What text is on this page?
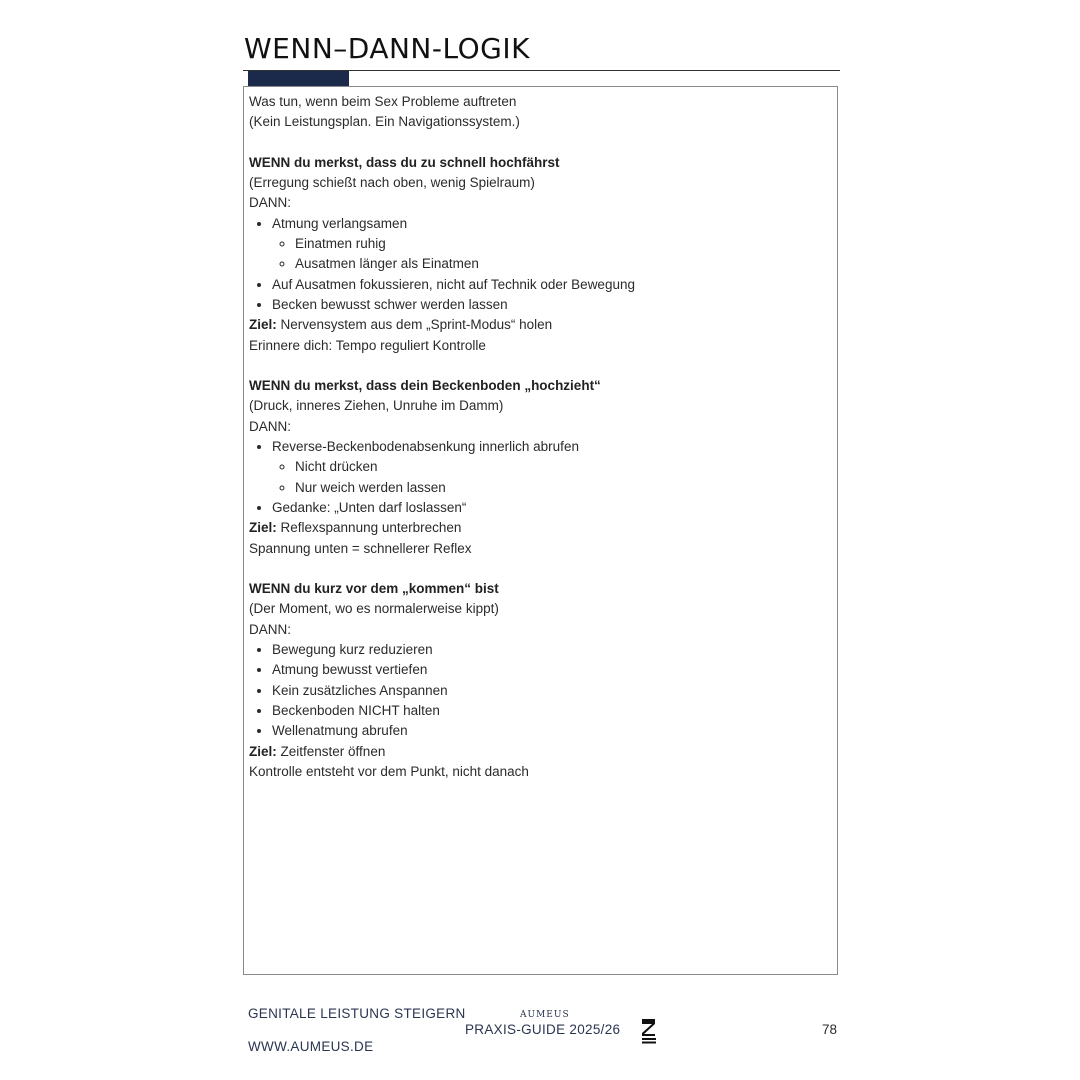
WENN–DANN-LOGIK

Was tun, wenn beim Sex Probleme auftreten

(Kein Leistungsplan. Ein Navigationssystem.)

WENN du merkst, dass du zu schnell hochfährst

(Erregung schießt nach oben, wenig Spielraum)

DANN:

• Atmung verlangsamen
◦ Einatmen ruhig
◦ Ausatmen länger als Einatmen
• Auf Ausatmen fokussieren, nicht auf Technik oder Bewegung
• Becken bewusst schwer werden lassen

Ziel: Nervensystem aus dem „Sprint-Modus“ holen

Erinnere dich: Tempo reguliert Kontrolle

WENN du merkst, dass dein Beckenboden „hochzieht“

(Druck, inneres Ziehen, Unruhe im Damm)

DANN:

• Reverse-Beckenbodenabsenkung innerlich abrufen
◦ Nicht drücken
◦ Nur weich werden lassen
• Gedanke: „Unten darf loslassen“

Ziel: Reflexspannung unterbrechen

Spannung unten = schnellerer Reflex

WENN du kurz vor dem „kommen“ bist

(Der Moment, wo es normalerweise kippt)

DANN:

• Bewegung kurz reduzieren
• Atmung bewusst vertiefen
• Kein zusätzliches Anspannen
• Beckenboden NICHT halten
• Wellenatmung abrufen

Ziel: Zeitfenster öffnen

Kontrolle entsteht vor dem Punkt, nicht danach

GENITALE LEISTUNG STEIGERN
WWW.AUMEUS.DE
AUMEUS
PRAXIS-GUIDE 2025/26	78
